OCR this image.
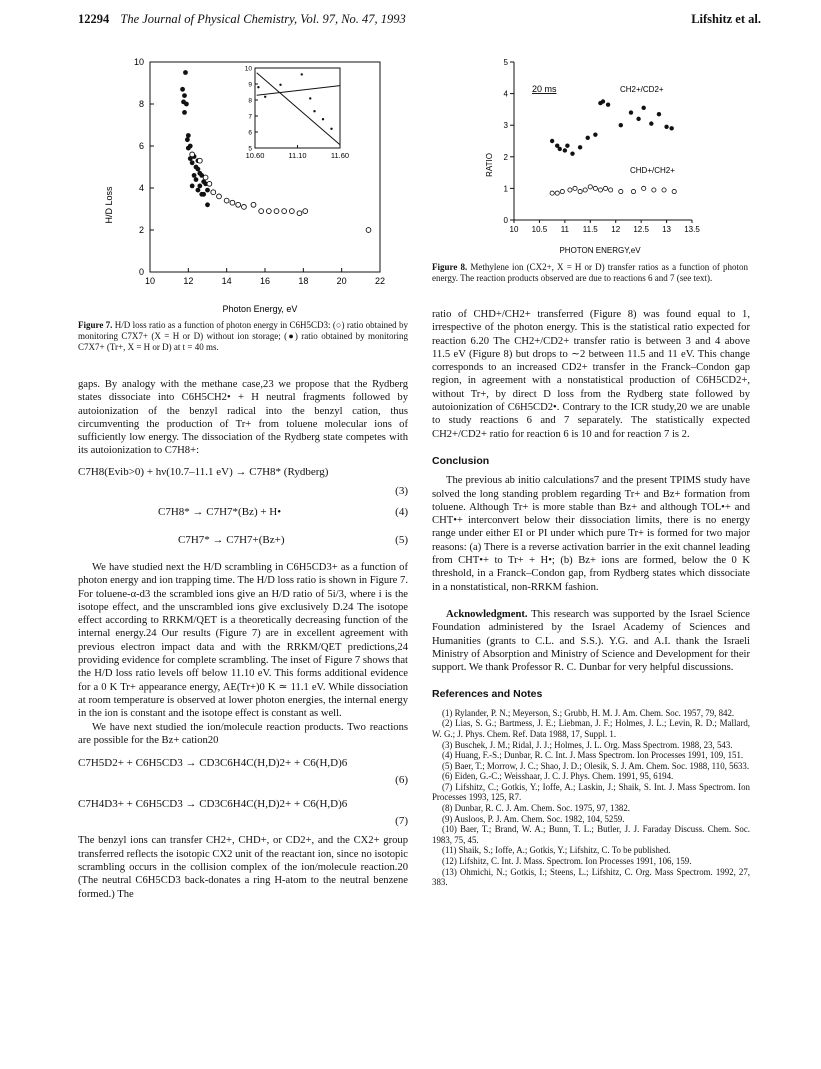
12294 The Journal of Physical Chemistry, Vol. 97, No. 47, 1993	Lifshitz et al.
10	12	14	16	18	20	22
0
2
4
6
8
10
10.60	11.10	11.60
5
6
7
8
9
10
Photon Energy, eV
H/D Loss
Figure 7. H/D loss ratio as a function of photon energy in C6H5CD3: (○) ratio obtained by monitoring C7X7+ (X = H or D) without ion storage; (●) ratio obtained by monitoring C7X7+ (Tr+, X = H or D) at t = 40 ms.
10 10.5 11 11.5 12 12.5 13 13.5
0
1
2
3
4
5
20 ms	CH2+/CD2+
CHD+/CH2+
PHOTON ENERGY,eV
RATIO
Figure 8. Methylene ion (CX2+, X = H or D) transfer ratios as a function of photon energy. The reaction products observed are due to reactions 6 and 7 (see text).

gaps. By analogy with the methane case,23 we propose that the Rydberg states dissociate into C6H5CH2• + H neutral fragments followed by autoionization of the benzyl radical into the benzyl cation, thus circumventing the production of Tr+ from toluene molecular ions of sufficiently low energy. The dissociation of the Rydberg state competes with its autoionization to C7H8+:

C7H8(Evib>0) + hν(10.7–11.1 eV) → C7H8* (Rydberg)
(3)
C7H8* → C7H7*(Bz) + H•	(4)
C7H7* → C7H7+(Bz+)	(5)

We have studied next the H/D scrambling in C6H5CD3+ as a function of photon energy and ion trapping time. The H/D loss ratio is shown in Figure 7. For toluene-α-d3 the scrambled ions give an H/D ratio of 5i/3, where i is the isotope effect, and the unscrambled ions give exclusively D.24 The isotope effect according to RRKM/QET is a theoretically decreasing function of the internal energy.24 Our results (Figure 7) are in excellent agreement with previous electron impact data and with the RRKM/QET predictions,24 providing evidence for complete scrambling. The inset of Figure 7 shows that the H/D loss ratio levels off below 11.10 eV. This forms additional evidence for a 0 K Tr+ appearance energy, AE(Tr+)0 K ≃ 11.1 eV. While dissociation at room temperature is observed at lower photon energies, the internal energy in the ion is constant and the isotope effect is constant as well.

We have next studied the ion/molecule reaction products. Two reactions are possible for the Bz+ cation20

C7H5D2+ + C6H5CD3 → CD3C6H4C(H,D)2+ + C6(H,D)6
(6)
C7H4D3+ + C6H5CD3 → CD3C6H4C(H,D)2+ + C6(H,D)6
(7)

The benzyl ions can transfer CH2+, CHD+, or CD2+, and the CX2+ group transferred reflects the isotopic CX2 unit of the reactant ion, since no isotopic scrambling occurs in the collision complex of the ion/molecule reaction.20 (The neutral C6H5CD3 back-donates a ring H-atom to the neutral benzene formed.) The

ratio of CHD+/CH2+ transferred (Figure 8) was found equal to 1, irrespective of the photon energy. This is the statistical ratio expected for reaction 6.20 The CH2+/CD2+ transfer ratio is between 3 and 4 above 11.5 eV (Figure 8) but drops to ∼2 between 11.5 and 11 eV. This change corresponds to an increased CD2+ transfer in the Franck–Condon gap region, in agreement with a nonstatistical production of C6H5CD2+, without Tr+, by direct D loss from the Rydberg state followed by autoionization of C6H5CD2•. Contrary to the ICR study,20 we are unable to study reactions 6 and 7 separately. The statistically expected CH2+/CD2+ ratio for reaction 6 is 10 and for reaction 7 is 2.

Conclusion

The previous ab initio calculations7 and the present TPIMS study have solved the long standing problem regarding Tr+ and Bz+ formation from toluene. Although Tr+ is more stable than Bz+ and although TOL•+ and CHT•+ interconvert below their dissociation limits, there is no energy range under either EI or PI under which pure Tr+ is formed for two major reasons: (a) There is a reverse activation barrier in the exit channel leading from CHT•+ to Tr+ + H•; (b) Bz+ ions are formed, below the 0 K threshold, in a Franck–Condon gap, from Rydberg states which dissociate in a nonstatistical, non-RRKM fashion.

Acknowledgment. This research was supported by the Israel Science Foundation administered by the Israel Academy of Sciences and Humanities (grants to C.L. and S.S.). Y.G. and A.I. thank the Israeli Ministry of Absorption and Ministry of Science and Development for their support. We thank Professor R. C. Dunbar for very helpful discussions.

References and Notes
(1) Rylander, P. N.; Meyerson, S.; Grubb, H. M. J. Am. Chem. Soc. 1957, 79, 842.
(2) Lias, S. G.; Bartmess, J. E.; Liebman, J. F.; Holmes, J. L.; Levin, R. D.; Mallard, W. G.; J. Phys. Chem. Ref. Data 1988, 17, Suppl. 1.
(3) Buschek, J. M.; Ridal, J. J.; Holmes, J. L. Org. Mass Spectrom. 1988, 23, 543.
(4) Huang, F.-S.; Dunbar, R. C. Int. J. Mass Spectrom. Ion Processes 1991, 109, 151.
(5) Baer, T.; Morrow, J. C.; Shao, J. D.; Olesik, S. J. Am. Chem. Soc. 1988, 110, 5633.
(6) Eiden, G.-C.; Weisshaar, J. C. J. Phys. Chem. 1991, 95, 6194.
(7) Lifshitz, C.; Gotkis, Y.; Ioffe, A.; Laskin, J.; Shaik, S. Int. J. Mass Spectrom. Ion Processes 1993, 125, R7.
(8) Dunbar, R. C. J. Am. Chem. Soc. 1975, 97, 1382.
(9) Ausloos, P. J. Am. Chem. Soc. 1982, 104, 5259.
(10) Baer, T.; Brand, W. A.; Bunn, T. L.; Butler, J. J. Faraday Discuss. Chem. Soc. 1983, 75, 45.
(11) Shaik, S.; Ioffe, A.; Gotkis, Y.; Lifshitz, C. To be published.
(12) Lifshitz, C. Int. J. Mass. Spectrom. Ion Processes 1991, 106, 159.
(13) Ohmichi, N.; Gotkis, I.; Steens, L.; Lifshitz, C. Org. Mass Spectrom. 1992, 27, 383.
